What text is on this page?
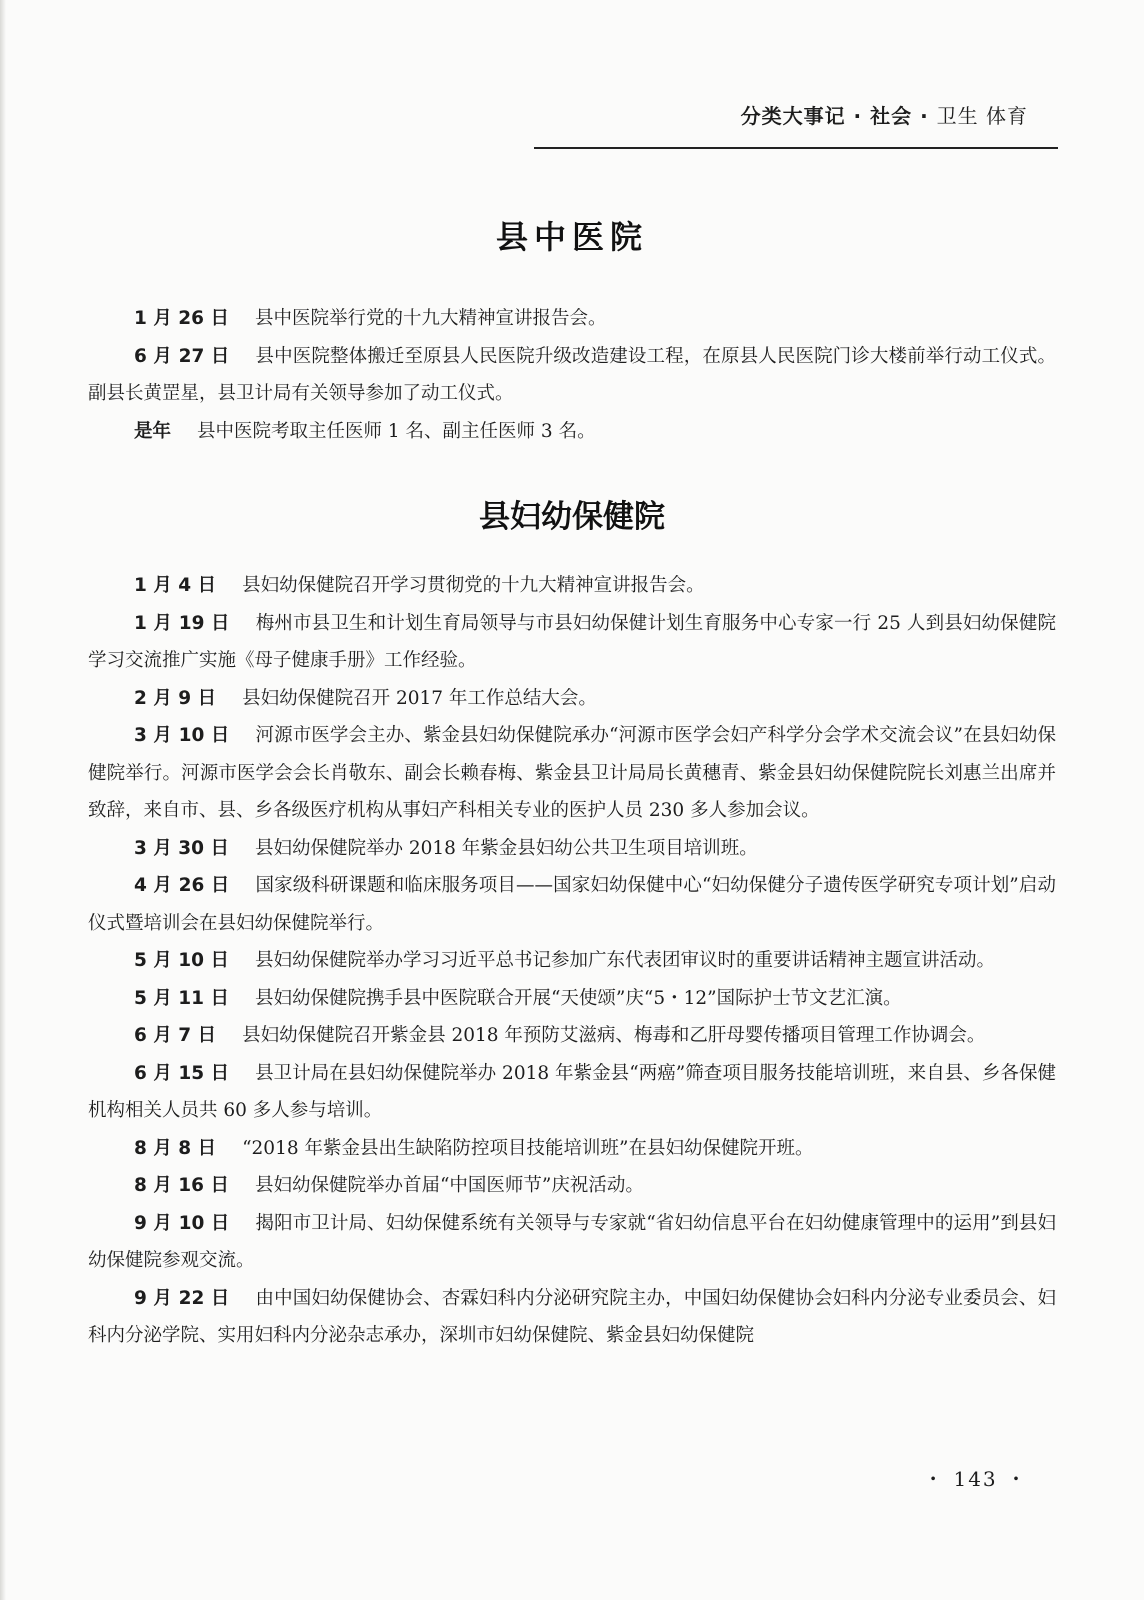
分类大事记 · 社会 · 卫生 体育
县中医院

1 月 26 日 县中医院举行党的十九大精神宣讲报告会。

6 月 27 日 县中医院整体搬迁至原县人民医院升级改造建设工程，在原县人民医院门诊大楼前举行动工仪式。副县长黄罡星，县卫计局有关领导参加了动工仪式。

是年 县中医院考取主任医师 1 名、副主任医师 3 名。

县妇幼保健院

1 月 4 日 县妇幼保健院召开学习贯彻党的十九大精神宣讲报告会。

1 月 19 日 梅州市县卫生和计划生育局领导与市县妇幼保健计划生育服务中心专家一行 25 人到县妇幼保健院学习交流推广实施《母子健康手册》工作经验。

2 月 9 日 县妇幼保健院召开 2017 年工作总结大会。

3 月 10 日 河源市医学会主办、紫金县妇幼保健院承办“河源市医学会妇产科学分会学术交流会议”在县妇幼保健院举行。河源市医学会会长肖敬东、副会长赖春梅、紫金县卫计局局长黄穗青、紫金县妇幼保健院院长刘惠兰出席并致辞，来自市、县、乡各级医疗机构从事妇产科相关专业的医护人员 230 多人参加会议。

3 月 30 日 县妇幼保健院举办 2018 年紫金县妇幼公共卫生项目培训班。

4 月 26 日 国家级科研课题和临床服务项目——国家妇幼保健中心“妇幼保健分子遗传医学研究专项计划”启动仪式暨培训会在县妇幼保健院举行。

5 月 10 日 县妇幼保健院举办学习习近平总书记参加广东代表团审议时的重要讲话精神主题宣讲活动。

5 月 11 日 县妇幼保健院携手县中医院联合开展“天使颂”庆“5・12”国际护士节文艺汇演。

6 月 7 日 县妇幼保健院召开紫金县 2018 年预防艾滋病、梅毒和乙肝母婴传播项目管理工作协调会。

6 月 15 日 县卫计局在县妇幼保健院举办 2018 年紫金县“两癌”筛查项目服务技能培训班，来自县、乡各保健机构相关人员共 60 多人参与培训。

8 月 8 日 “2018 年紫金县出生缺陷防控项目技能培训班”在县妇幼保健院开班。

8 月 16 日 县妇幼保健院举办首届“中国医师节”庆祝活动。

9 月 10 日 揭阳市卫计局、妇幼保健系统有关领导与专家就“省妇幼信息平台在妇幼健康管理中的运用”到县妇幼保健院参观交流。

9 月 22 日 由中国妇幼保健协会、杏霖妇科内分泌研究院主办，中国妇幼保健协会妇科内分泌专业委员会、妇科内分泌学院、实用妇科内分泌杂志承办，深圳市妇幼保健院、紫金县妇幼保健院

・ 143 ・
